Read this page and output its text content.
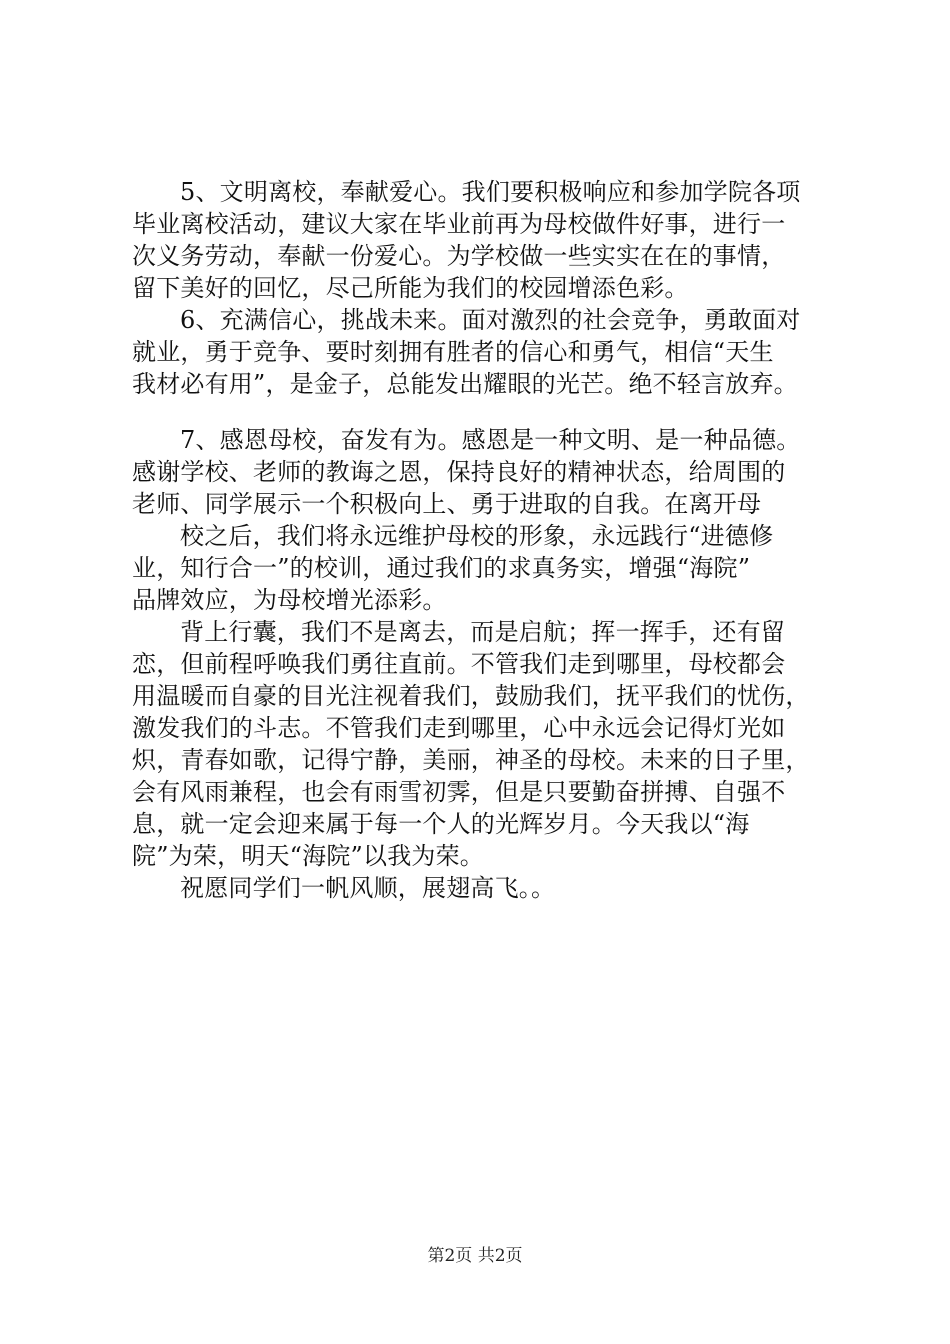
5、文明离校，奉献爱心。我们要积极响应和参加学院各项
毕业离校活动，建议大家在毕业前再为母校做件好事，进行一
次义务劳动，奉献一份爱心。为学校做一些实实在在的事情，
留下美好的回忆，尽己所能为我们的校园增添色彩。
6、充满信心，挑战未来。面对激烈的社会竞争，勇敢面对
就业，勇于竞争、要时刻拥有胜者的信心和勇气，相信“天生
我材必有用”，是金子，总能发出耀眼的光芒。绝不轻言放弃。
7、感恩母校，奋发有为。感恩是一种文明、是一种品德。
感谢学校、老师的教诲之恩，保持良好的精神状态，给周围的
老师、同学展示一个积极向上、勇于进取的自我。在离开母
校之后，我们将永远维护母校的形象，永远践行“进德修
业，知行合一”的校训，通过我们的求真务实，增强“海院”
品牌效应，为母校增光添彩。
背上行囊，我们不是离去，而是启航；挥一挥手，还有留
恋，但前程呼唤我们勇往直前。不管我们走到哪里，母校都会
用温暖而自豪的目光注视着我们，鼓励我们，抚平我们的忧伤，
激发我们的斗志。不管我们走到哪里，心中永远会记得灯光如
炽，青春如歌，记得宁静，美丽，神圣的母校。未来的日子里，
会有风雨兼程，也会有雨雪初霁，但是只要勤奋拼搏、自强不
息，就一定会迎来属于每一个人的光辉岁月。今天我以“海
院”为荣，明天“海院”以我为荣。
祝愿同学们一帆风顺，展翅高飞。。
第2页 共2页
